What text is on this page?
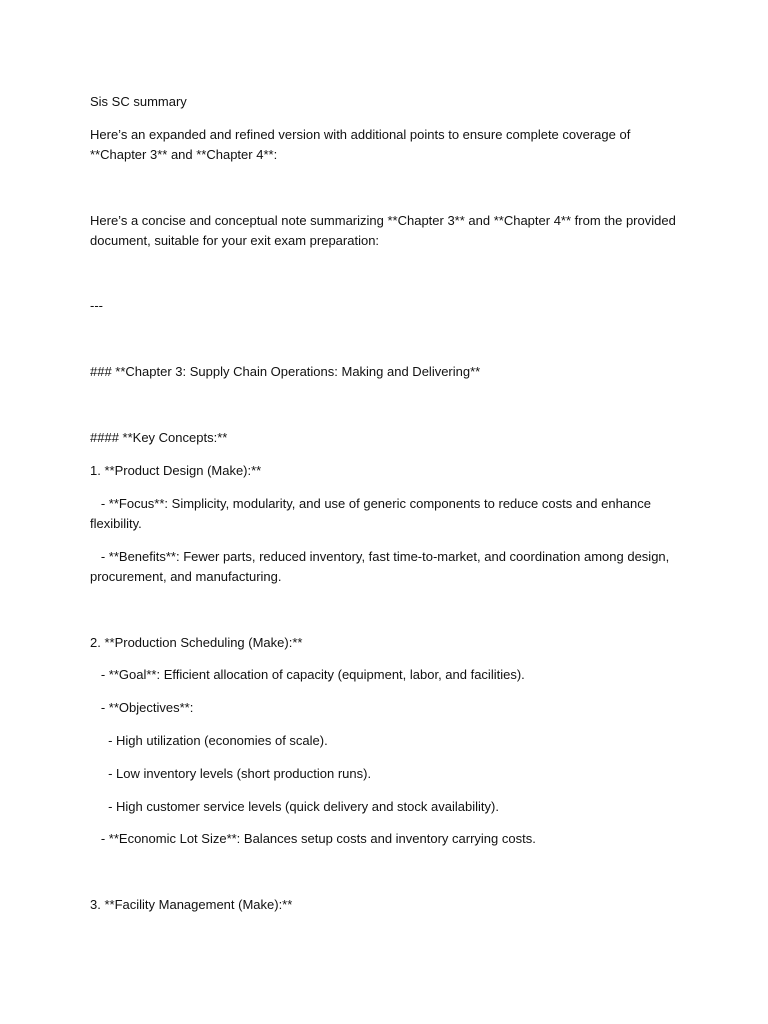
Sis SC summary
Here’s an expanded and refined version with additional points to ensure complete coverage of **Chapter 3** and **Chapter 4**:
Here’s a concise and conceptual note summarizing **Chapter 3** and **Chapter 4** from the provided document, suitable for your exit exam preparation:
---
### **Chapter 3: Supply Chain Operations: Making and Delivering**
#### **Key Concepts:**
1. **Product Design (Make):**
- **Focus**: Simplicity, modularity, and use of generic components to reduce costs and enhance flexibility.
- **Benefits**: Fewer parts, reduced inventory, fast time-to-market, and coordination among design, procurement, and manufacturing.
2. **Production Scheduling (Make):**
- **Goal**: Efficient allocation of capacity (equipment, labor, and facilities).
- **Objectives**:
- High utilization (economies of scale).
- Low inventory levels (short production runs).
- High customer service levels (quick delivery and stock availability).
- **Economic Lot Size**: Balances setup costs and inventory carrying costs.
3. **Facility Management (Make):**
